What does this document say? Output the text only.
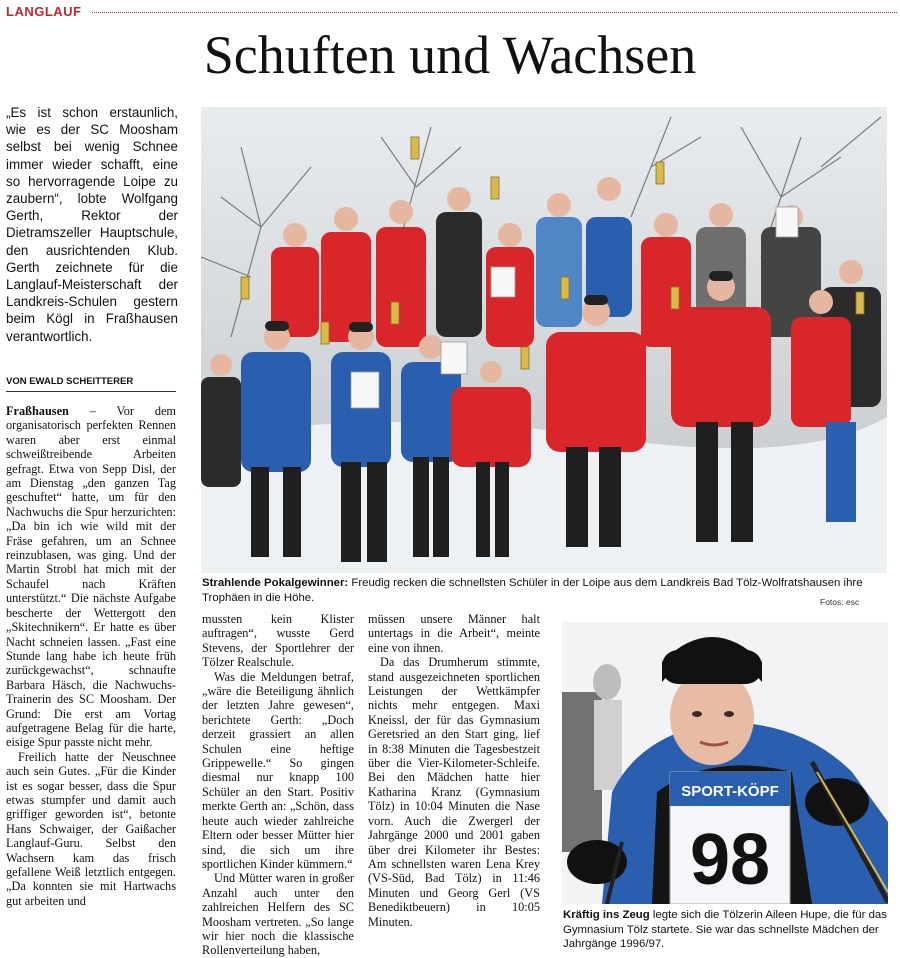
LANGLAUF
Schuften und Wachsen
„Es ist schon erstaunlich, wie es der SC Moosham selbst bei wenig Schnee immer wieder schafft, eine so hervorragende Loipe zu zaubern“, lobte Wolfgang Gerth, Rektor der Dietramszeller Hauptschule, den ausrichtenden Klub. Gerth zeichnete für die Langlauf-Meisterschaft der Landkreis-Schulen gestern beim Kögl in Fraßhausen verantwortlich.
VON EWALD SCHEITTERER

Fraßhausen – Vor dem organisatorisch perfekten Rennen waren aber erst einmal schweißtreibende Arbeiten gefragt. Etwa von Sepp Disl, der am Dienstag „den ganzen Tag geschuftet“ hatte, um für den Nachwuchs die Spur herzurichten: „Da bin ich wie wild mit der Fräse gefahren, um an Schnee reinzublasen, was ging. Und der Martin Strobl hat mich mit der Schaufel nach Kräften unterstützt.“ Die nächste Aufgabe bescherte der Wettergott den „Skitechnikern“. Er hatte es über Nacht schneien lassen. „Fast eine Stunde lang habe ich heute früh zurückgewachst“, schnaufte Barbara Häsch, die Nachwuchs-Trainerin des SC Moosham. Der Grund: Die erst am Vortag aufgetragene Belag für die harte, eisige Spur passte nicht mehr.

Freilich hatte der Neuschnee auch sein Gutes. „Für die Kinder ist es sogar besser, dass die Spur etwas stumpfer und damit auch griffiger geworden ist“, betonte Hans Schwaiger, der Gaißacher Langlauf-Guru. Selbst den Wachsern kam das frisch gefallene Weiß letztlich entgegen. „Da konnten sie mit Hartwachs gut arbeiten und

Strahlende Pokalgewinner: Freudig recken die schnellsten Schüler in der Loipe aus dem Landkreis Bad Tölz-Wolfratshausen ihre Trophäen in die Höhe.	Fotos: esc

mussten kein Klister auftragen“, wusste Gerd Stevens, der Sportlehrer der Tölzer Realschule.

Was die Meldungen betraf, „wäre die Beteiligung ähnlich der letzten Jahre gewesen“, berichtete Gerth: „Doch derzeit grassiert an allen Schulen eine heftige Grippewelle.“ So gingen diesmal nur knapp 100 Schüler an den Start. Positiv merkte Gerth an: „Schön, dass heute auch wieder zahlreiche Eltern oder besser Mütter hier sind, die sich um ihre sportlichen Kinder kümmern.“

Und Mütter waren in großer Anzahl auch unter den zahlreichen Helfern des SC Moosham vertreten. „So lange wir hier noch die klassische Rollenverteilung haben,

müssen unsere Männer halt untertags in die Arbeit“, meinte eine von ihnen.

Da das Drumherum stimmte, stand ausgezeichneten sportlichen Leistungen der Wettkämpfer nichts mehr entgegen. Maxi Kneissl, der für das Gymnasium Geretsried an den Start ging, lief in 8:38 Minuten die Tagesbestzeit über die Vier-Kilometer-Schleife. Bei den Mädchen hatte hier Katharina Kranz (Gymnasium Tölz) in 10:04 Minuten die Nase vorn. Auch die Zwergerl der Jahrgänge 2000 und 2001 gaben über drei Kilometer ihr Bestes: Am schnellsten waren Lena Krey (VS-Süd, Bad Tölz) in 11:46 Minuten und Georg Gerl (VS Benediktbeuern) in 10:05 Minuten.

SPORT-KÖPF
98
Kräftig ins Zeug legte sich die Tölzerin Aileen Hupe, die für das Gymnasium Tölz startete. Sie war das schnellste Mädchen der Jahrgänge 1996/97.
